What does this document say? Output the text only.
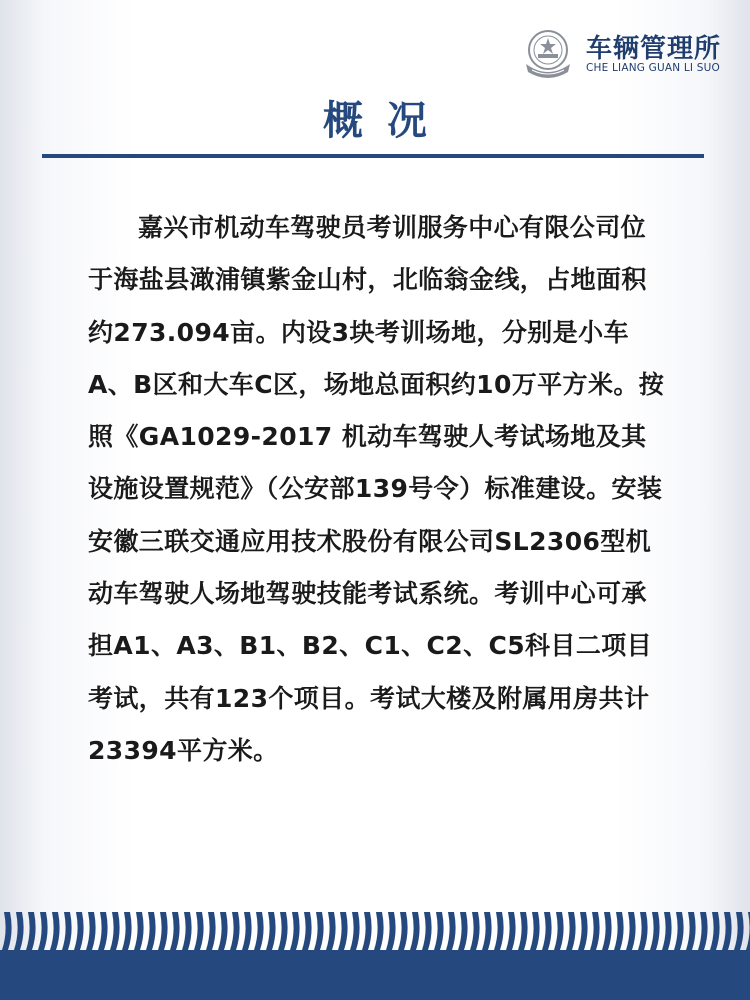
车辆管理所
CHE LIANG GUAN LI SUO
概况

嘉兴市机动车驾驶员考训服务中心有限公司位于海盐县澉浦镇紫金山村，北临翁金线，占地面积约273.094亩。内设3块考训场地，分别是小车A、B区和大车C区，场地总面积约10万平方米。按照《GA1029-2017 机动车驾驶人考试场地及其设施设置规范》（公安部139号令）标准建设。安装安徽三联交通应用技术股份有限公司SL2306型机动车驾驶人场地驾驶技能考试系统。考训中心可承担A1、A3、B1、B2、C1、C2、C5科目二项目考试，共有123个项目。考试大楼及附属用房共计23394平方米。
